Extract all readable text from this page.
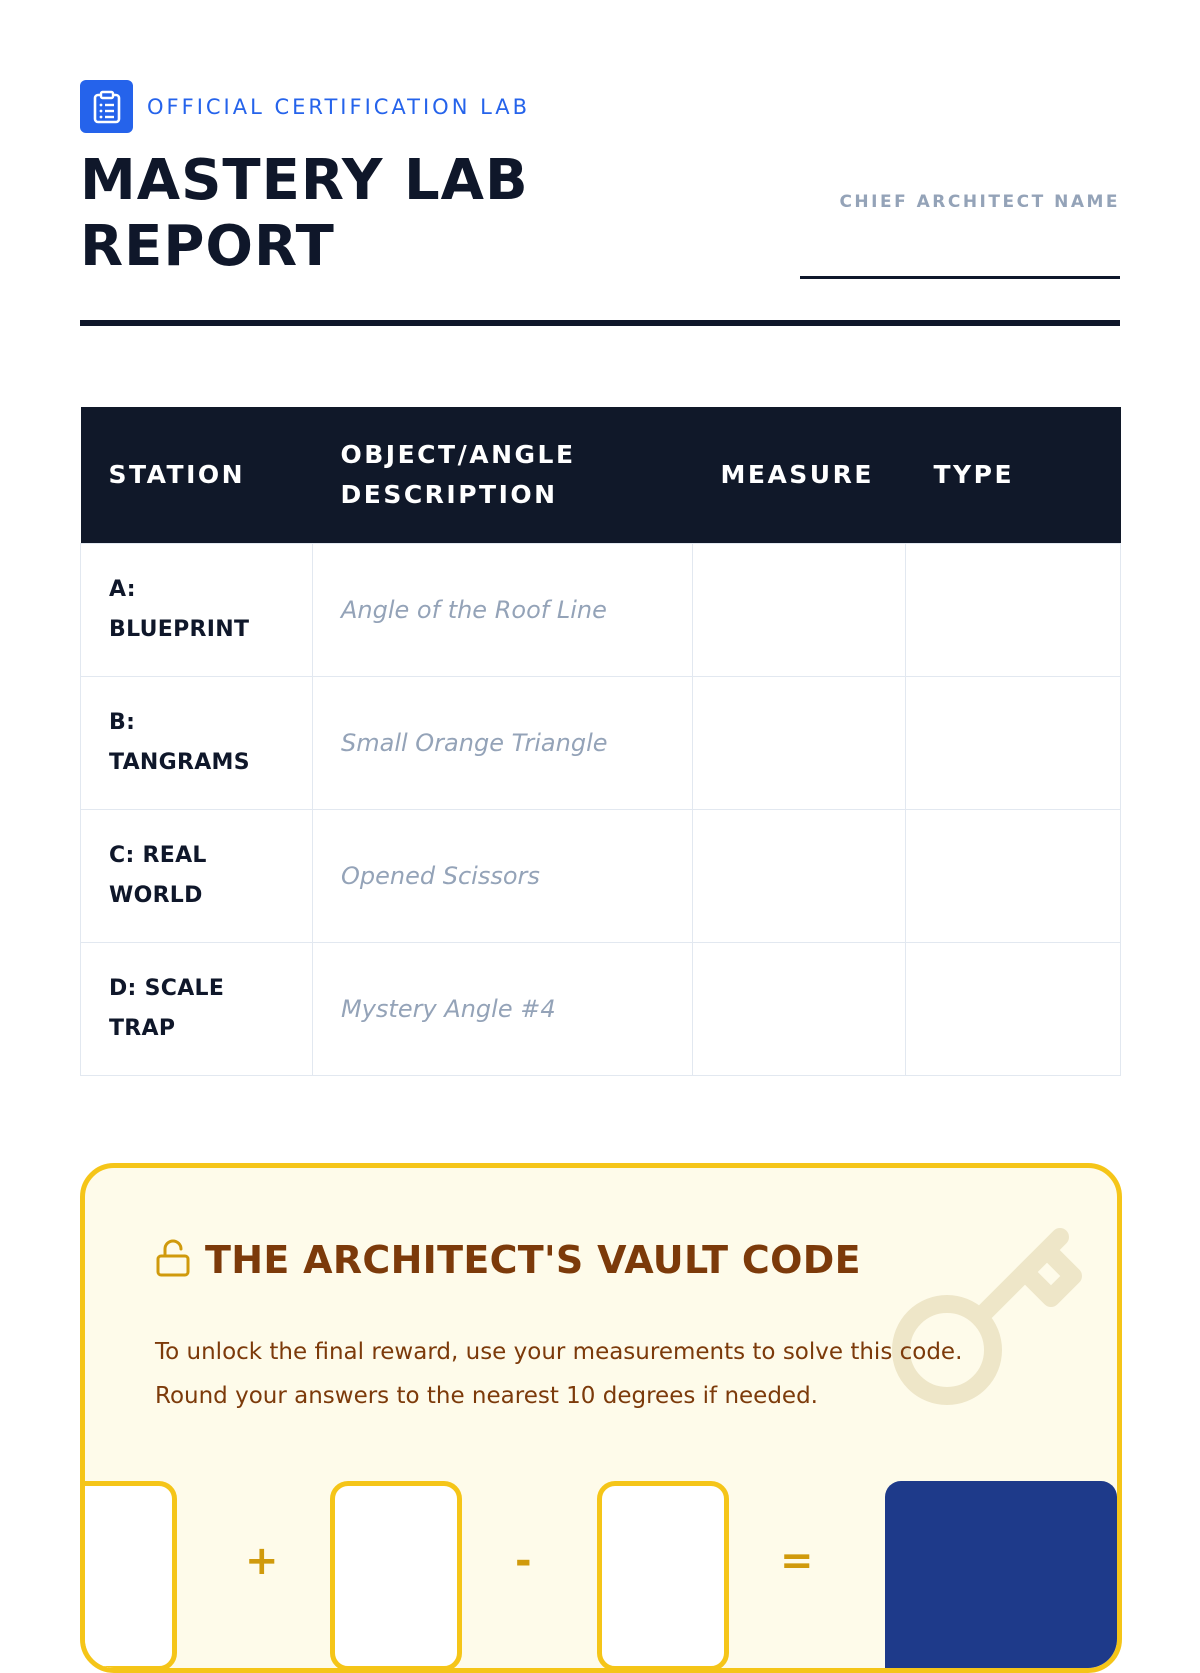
OFFICIAL CERTIFICATION LAB
MASTERY LAB
REPORT
CHIEF ARCHITECT NAME
STATION	OBJECT/ANGLE DESCRIPTION	MEASURE	TYPE

A: BLUEPRINT	Angle of the Roof Line		

B: TANGRAMS	Small Orange Triangle		

C: REAL WORLD	Opened Scissors		

D: SCALE TRAP	Mystery Angle #4		
THE ARCHITECT'S VAULT CODE
To unlock the final reward, use your measurements to solve this code. Round your answers to the nearest 10 degrees if needed.
+	-	=
